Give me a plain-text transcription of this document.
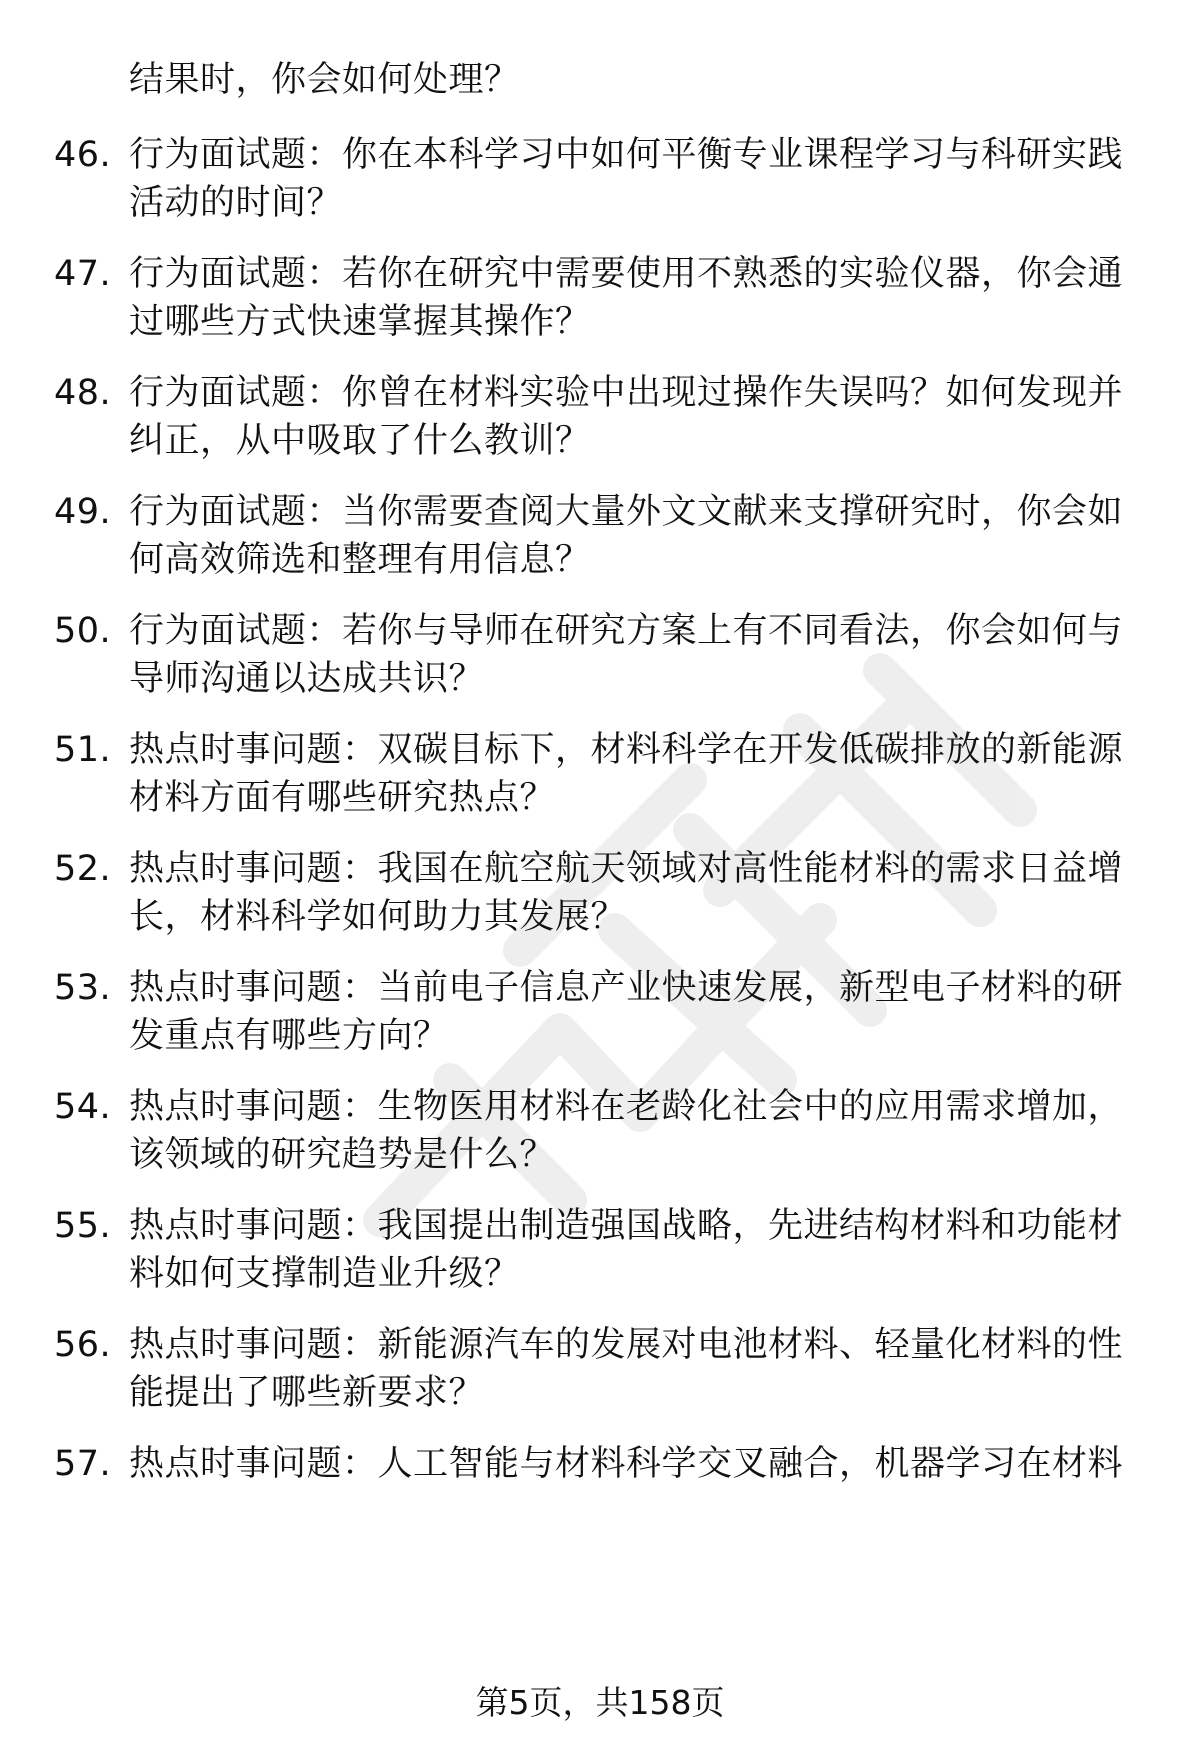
结果时，你会如何处理？
46. 行为面试题：你在本科学习中如何平衡专业课程学习与科研实践
活动的时间？
47. 行为面试题：若你在研究中需要使用不熟悉的实验仪器，你会通
过哪些方式快速掌握其操作？
48. 行为面试题：你曾在材料实验中出现过操作失误吗？如何发现并
纠正，从中吸取了什么教训？
49. 行为面试题：当你需要查阅大量外文文献来支撑研究时，你会如
何高效筛选和整理有用信息？
50. 行为面试题：若你与导师在研究方案上有不同看法，你会如何与
导师沟通以达成共识？
51. 热点时事问题：双碳目标下，材料科学在开发低碳排放的新能源
材料方面有哪些研究热点？
52. 热点时事问题：我国在航空航天领域对高性能材料的需求日益增
长，材料科学如何助力其发展？
53. 热点时事问题：当前电子信息产业快速发展，新型电子材料的研
发重点有哪些方向？
54. 热点时事问题：生物医用材料在老龄化社会中的应用需求增加，
该领域的研究趋势是什么？
55. 热点时事问题：我国提出制造强国战略，先进结构材料和功能材
料如何支撑制造业升级？
56. 热点时事问题：新能源汽车的发展对电池材料、轻量化材料的性
能提出了哪些新要求？
57. 热点时事问题：人工智能与材料科学交叉融合，机器学习在材料
第5页，共158页
